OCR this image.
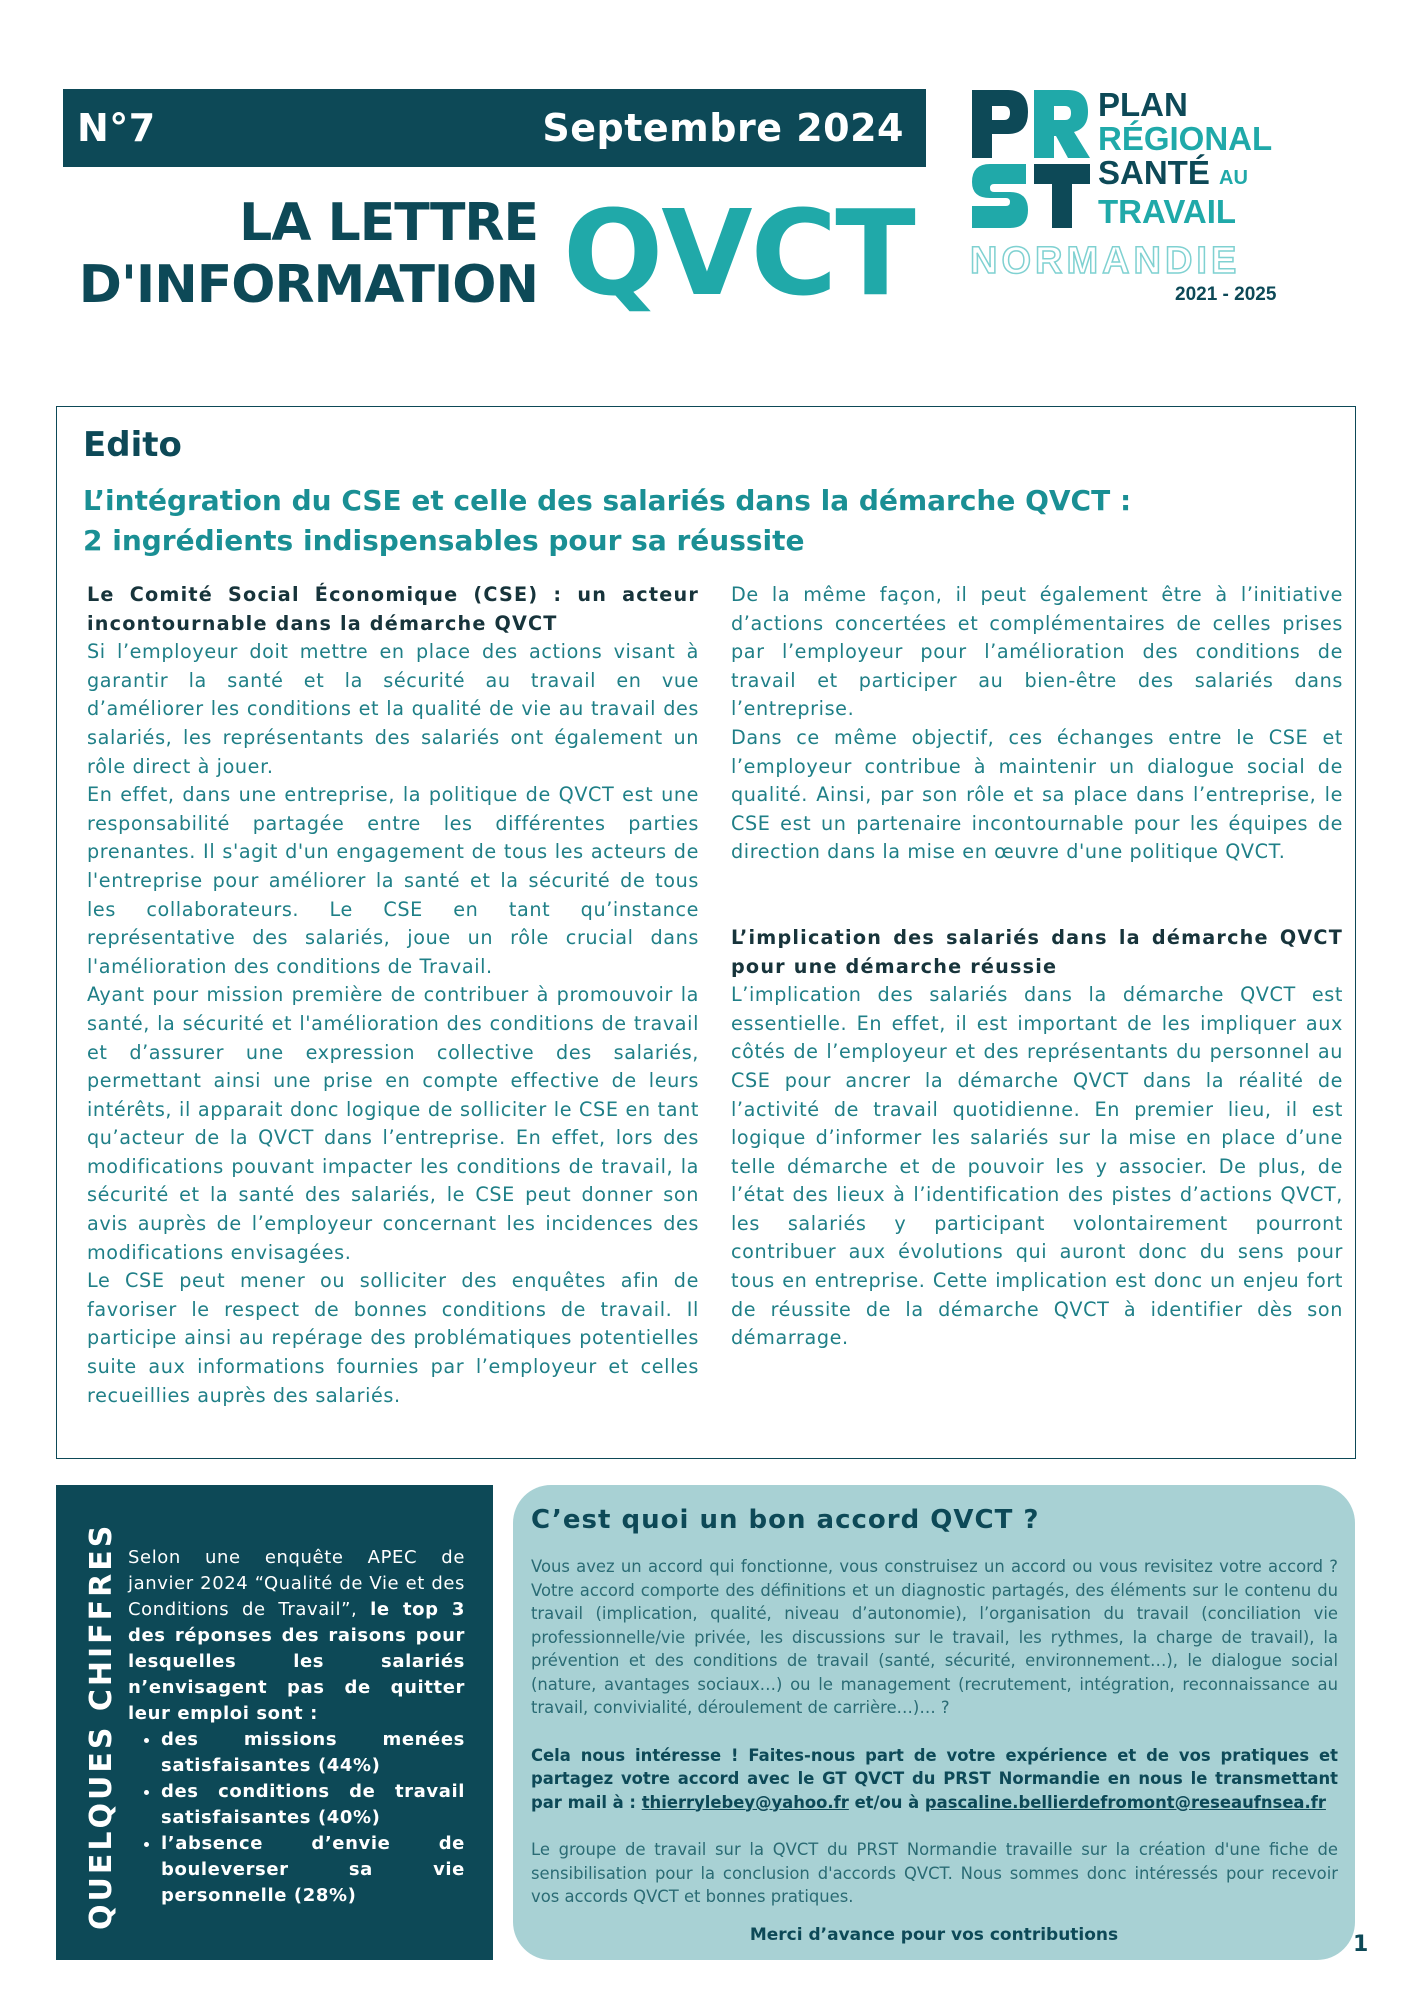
N°7	Septembre 2024
LA LETTRE
D'INFORMATION QVCT
PLAN
RÉGIONAL
SANTÉ AU
TRAVAIL
NORMANDIE
2021 - 2025
Edito
L’intégration du CSE et celle des salariés dans la démarche QVCT :
2 ingrédients indispensables pour sa réussite

Le Comité Social Économique (CSE) : un acteur incontournable dans la démarche QVCT

Si l’employeur doit mettre en place des actions visant à garantir la santé et la sécurité au travail en vue d’améliorer les conditions et la qualité de vie au travail des salariés, les représentants des salariés ont également un rôle direct à jouer.

En effet, dans une entreprise, la politique de QVCT est une responsabilité partagée entre les différentes parties prenantes. Il s'agit d'un engagement de tous les acteurs de l'entreprise pour améliorer la santé et la sécurité de tous les collaborateurs. Le CSE en tant qu’instance représentative des salariés, joue un rôle crucial dans l'amélioration des conditions de Travail.

Ayant pour mission première de contribuer à promouvoir la santé, la sécurité et l'amélioration des conditions de travail et d’assurer une expression collective des salariés, permettant ainsi une prise en compte effective de leurs intérêts, il apparait donc logique de solliciter le CSE en tant qu’acteur de la QVCT dans l’entreprise. En effet, lors des modifications pouvant impacter les conditions de travail, la sécurité et la santé des salariés, le CSE peut donner son avis auprès de l’employeur concernant les incidences des modifications envisagées.

Le CSE peut mener ou solliciter des enquêtes afin de favoriser le respect de bonnes conditions de travail. Il participe ainsi au repérage des problématiques potentielles suite aux informations fournies par l’employeur et celles recueillies auprès des salariés.

De la même façon, il peut également être à l’initiative d’actions concertées et complémentaires de celles prises par l’employeur pour l’amélioration des conditions de travail et participer au bien-être des salariés dans l’entreprise.

Dans ce même objectif, ces échanges entre le CSE et l’employeur contribue à maintenir un dialogue social de qualité. Ainsi, par son rôle et sa place dans l’entreprise, le CSE est un partenaire incontournable pour les équipes de direction dans la mise en œuvre d'une politique QVCT.

L’implication des salariés dans la démarche QVCT pour une démarche réussie

L’implication des salariés dans la démarche QVCT est essentielle. En effet, il est important de les impliquer aux côtés de l’employeur et des représentants du personnel au CSE pour ancrer la démarche QVCT dans la réalité de l’activité de travail quotidienne. En premier lieu, il est logique d’informer les salariés sur la mise en place d’une telle démarche et de pouvoir les y associer. De plus, de l’état des lieux à l’identification des pistes d’actions QVCT, les salariés y participant volontairement pourront contribuer aux évolutions qui auront donc du sens pour tous en entreprise. Cette implication est donc un enjeu fort de réussite de la démarche QVCT à identifier dès son démarrage.

QUELQUES CHIFFRES Selon une enquête APEC de janvier 2024 “Qualité de Vie et des Conditions de Travail”, le top 3 des réponses des raisons pour lesquelles les salariés n’envisagent pas de quitter leur emploi sont :
• des missions menées satisfaisantes (44%)
• des conditions de travail satisfaisantes (40%)
• l’absence d’envie de bouleverser sa vie personnelle (28%)
C’est quoi un bon accord QVCT ?

Vous avez un accord qui fonctionne, vous construisez un accord ou vous revisitez votre accord ? Votre accord comporte des définitions et un diagnostic partagés, des éléments sur le contenu du travail (implication, qualité, niveau d’autonomie), l’organisation du travail (conciliation vie professionnelle/vie privée, les discussions sur le travail, les rythmes, la charge de travail), la prévention et des conditions de travail (santé, sécurité, environnement…), le dialogue social (nature, avantages sociaux…) ou le management (recrutement, intégration, reconnaissance au travail, convivialité, déroulement de carrière…)… ?

Cela nous intéresse ! Faites-nous part de votre expérience et de vos pratiques et partagez votre accord avec le GT QVCT du PRST Normandie en nous le transmettant par mail à : thierrylebey@yahoo.fr et/ou à pascaline.bellierdefromont@reseaufnsea.fr

Le groupe de travail sur la QVCT du PRST Normandie travaille sur la création d'une fiche de sensibilisation pour la conclusion d'accords QVCT. Nous sommes donc intéressés pour recevoir vos accords QVCT et bonnes pratiques.

Merci d’avance pour vos contributions	1
